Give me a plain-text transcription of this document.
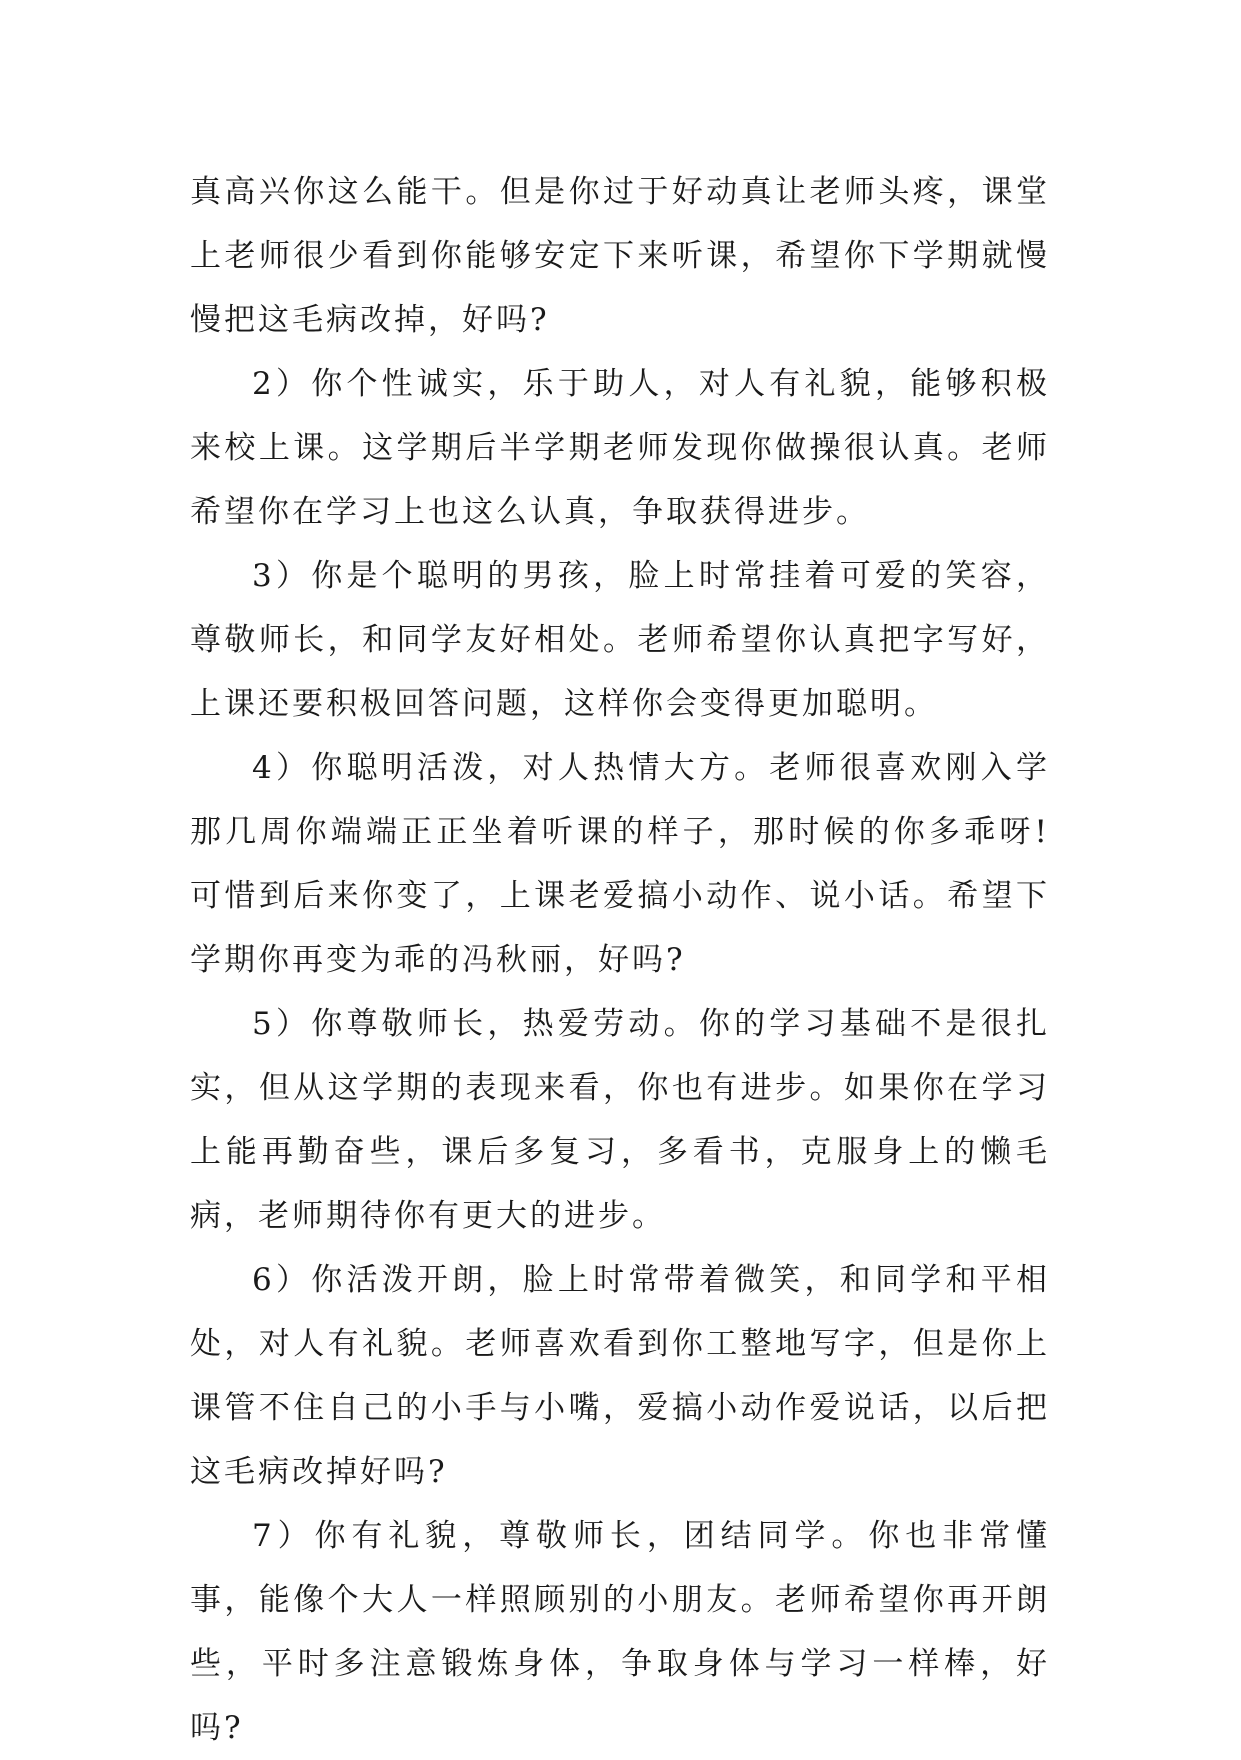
真高兴你这么能干。但是你过于好动真让老师头疼，课堂上老师很少看到你能够安定下来听课，希望你下学期就慢慢把这毛病改掉，好吗?

2）你个性诚实，乐于助人，对人有礼貌，能够积极来校上课。这学期后半学期老师发现你做操很认真。老师希望你在学习上也这么认真，争取获得进步。

3）你是个聪明的男孩，脸上时常挂着可爱的笑容，尊敬师长，和同学友好相处。老师希望你认真把字写好，上课还要积极回答问题，这样你会变得更加聪明。

4）你聪明活泼，对人热情大方。老师很喜欢刚入学那几周你端端正正坐着听课的样子，那时候的你多乖呀!可惜到后来你变了，上课老爱搞小动作、说小话。希望下学期你再变为乖的冯秋丽，好吗?

5）你尊敬师长，热爱劳动。你的学习基础不是很扎实，但从这学期的表现来看，你也有进步。如果你在学习上能再勤奋些，课后多复习，多看书，克服身上的懒毛病，老师期待你有更大的进步。

6）你活泼开朗，脸上时常带着微笑，和同学和平相处，对人有礼貌。老师喜欢看到你工整地写字，但是你上课管不住自己的小手与小嘴，爱搞小动作爱说话，以后把这毛病改掉好吗?

7）你有礼貌，尊敬师长，团结同学。你也非常懂事，能像个大人一样照顾别的小朋友。老师希望你再开朗些，平时多注意锻炼身体，争取身体与学习一样棒，好吗?
